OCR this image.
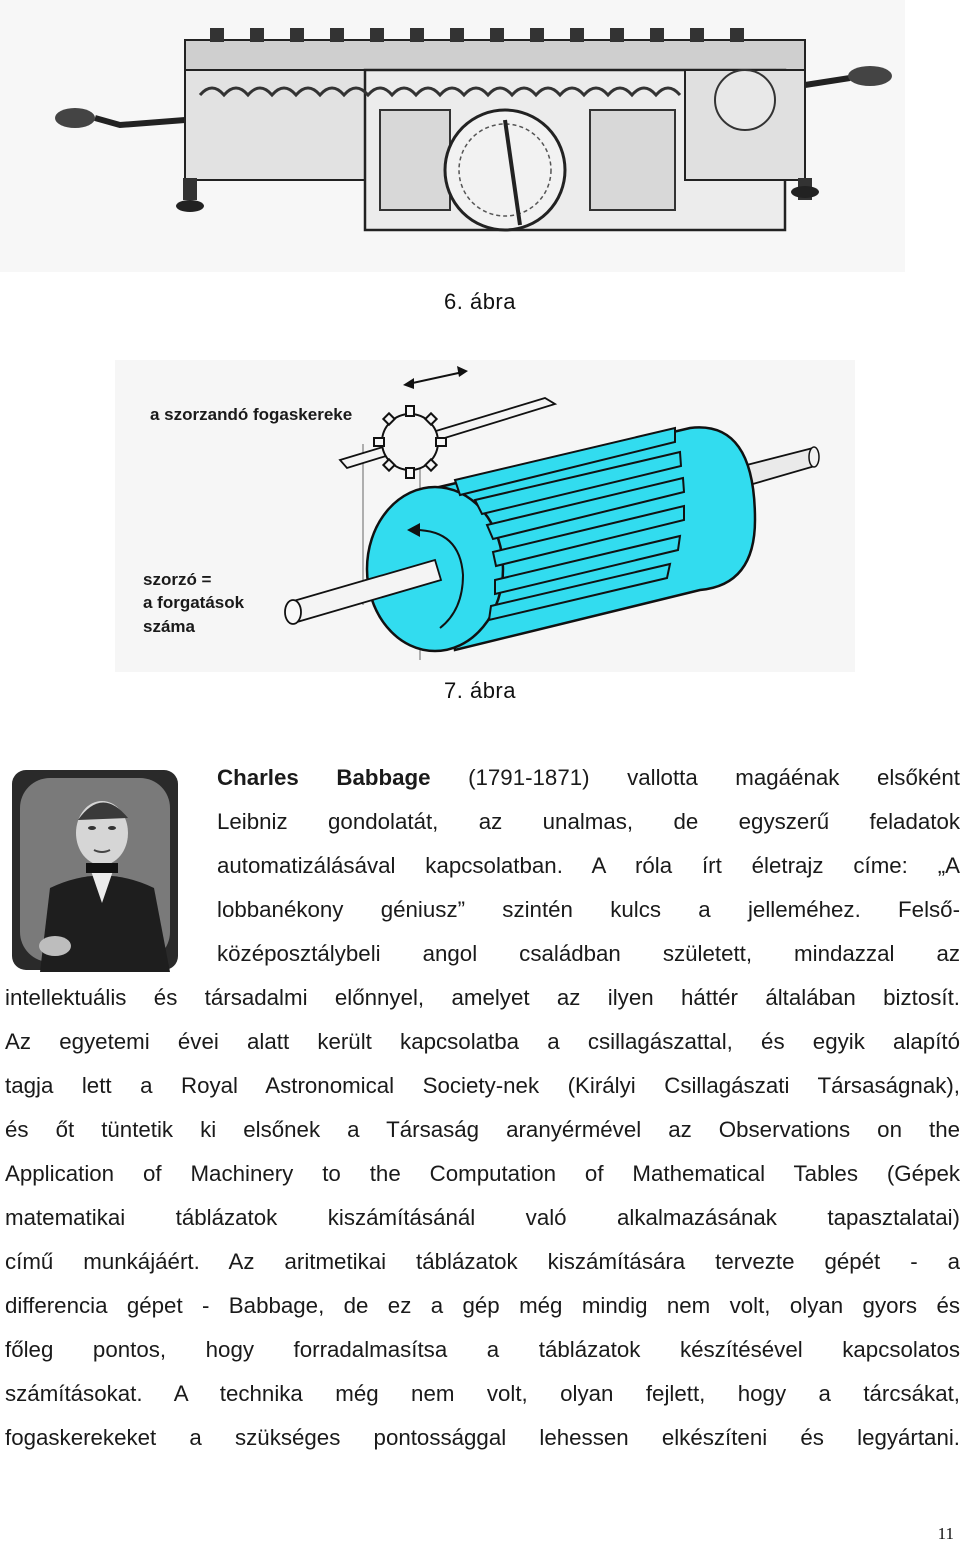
6. ábra
a szorzandó fogaskereke
szorzó =
a forgatások
száma
7. ábra
Charles Babbage (1791-1871) vallotta magáénak elsőként
Leibniz gondolatát, az unalmas, de egyszerű feladatok
automatizálásával kapcsolatban. A róla írt életrajz címe: „A
lobbanékony géniusz” szintén kulcs a jelleméhez. Felső-
középosztálybeli angol családban született, mindazzal az
intellektuális és társadalmi előnnyel, amelyet az ilyen háttér általában biztosít.
Az egyetemi évei alatt került kapcsolatba a csillagászattal, és egyik alapító
tagja lett a Royal Astronomical Society-nek (Királyi Csillagászati Társaságnak),
és őt tüntetik ki elsőnek a Társaság aranyérmével az Observations on the
Application of Machinery to the Computation of Mathematical Tables (Gépek
matematikai táblázatok kiszámításánál való alkalmazásának tapasztalatai)
című munkájáért. Az aritmetikai táblázatok kiszámítására tervezte gépét - a
differencia gépet - Babbage, de ez a gép még mindig nem volt, olyan gyors és
főleg pontos, hogy forradalmasítsa a táblázatok készítésével kapcsolatos
számításokat. A technika még nem volt, olyan fejlett, hogy a tárcsákat,
fogaskerekeket a szükséges pontossággal lehessen elkészíteni és legyártani.
11
